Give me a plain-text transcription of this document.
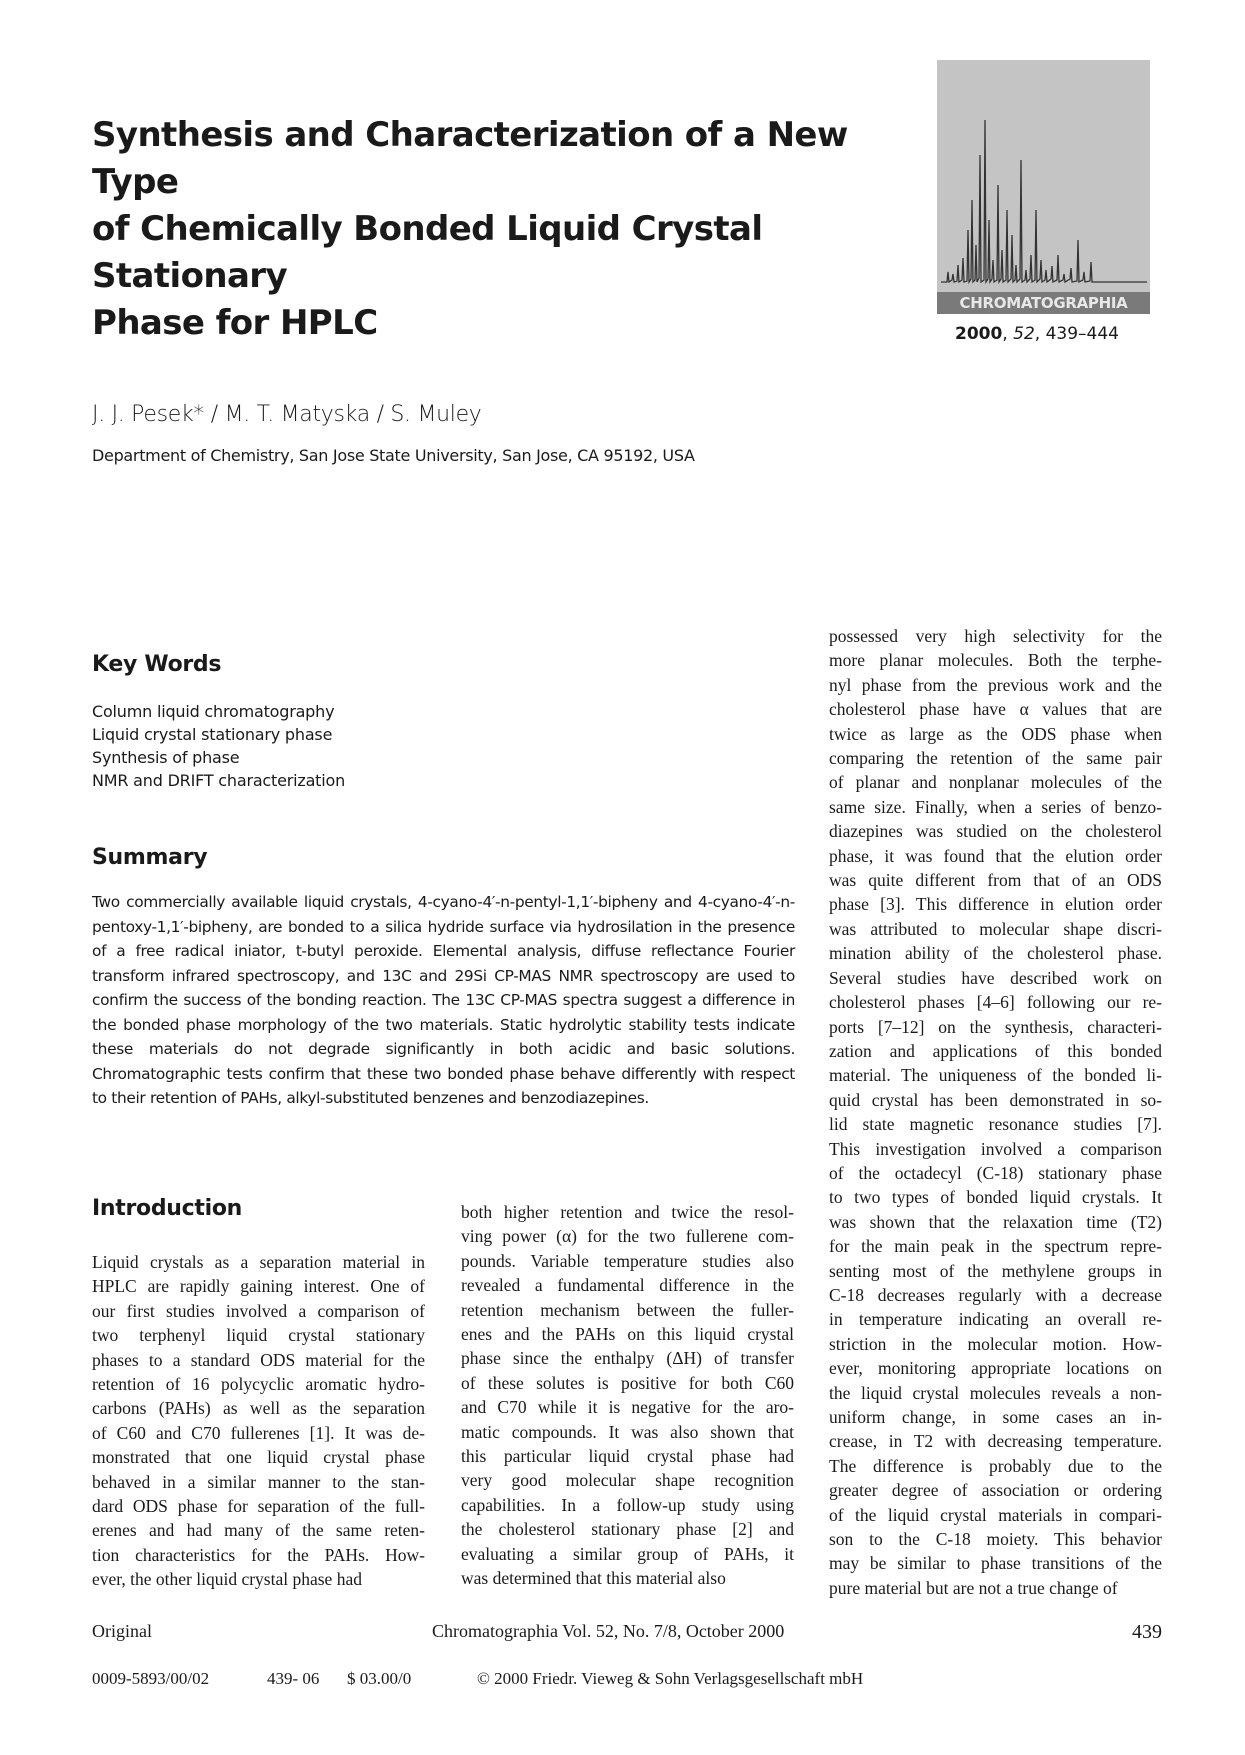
Synthesis and Characterization of a New Type
of Chemically Bonded Liquid Crystal Stationary
Phase for HPLC	CHROMATOGRAPHIA
2000, 52, 439–444
J. J. Pesek* / M. T. Matyska / S. Muley
Department of Chemistry, San Jose State University, San Jose, CA 95192, USA
Key Words
Column liquid chromatography
Liquid crystal stationary phase
Synthesis of phase
NMR and DRIFT characterization
Summary

Two commercially available liquid crystals, 4-cyano-4′-n-pentyl-1,1′-bipheny and 4-cyano-4′-n-pentoxy-1,1′-bipheny, are bonded to a silica hydride surface via hydrosilation in the presence of a free radical iniator, t-butyl peroxide. Elemental analysis, diffuse reflectance Fourier transform infrared spectroscopy, and 13C and 29Si CP-MAS NMR spectroscopy are used to confirm the success of the bonding reaction. The 13C CP-MAS spectra suggest a difference in the bonded phase morphology of the two materials. Static hydrolytic stability tests indicate these materials do not degrade significantly in both acidic and basic solutions. Chromatographic tests confirm that these two bonded phase behave differently with respect to their retention of PAHs, alkyl-substituted benzenes and benzodiazepines.

Introduction
Liquid crystals as a separation material in
HPLC are rapidly gaining interest. One of
our first studies involved a comparison of
two terphenyl liquid crystal stationary
phases to a standard ODS material for the
retention of 16 polycyclic aromatic hydro-
carbons (PAHs) as well as the separation
of C60 and C70 fullerenes [1]. It was de-
monstrated that one liquid crystal phase
behaved in a similar manner to the stan-
dard ODS phase for separation of the full-
erenes and had many of the same reten-
tion characteristics for the PAHs. How-
ever, the other liquid crystal phase had
both higher retention and twice the resol-
ving power (α) for the two fullerene com-
pounds. Variable temperature studies also
revealed a fundamental difference in the
retention mechanism between the fuller-
enes and the PAHs on this liquid crystal
phase since the enthalpy (ΔH) of transfer
of these solutes is positive for both C60
and C70 while it is negative for the aro-
matic compounds. It was also shown that
this particular liquid crystal phase had
very good molecular shape recognition
capabilities. In a follow-up study using
the cholesterol stationary phase [2] and
evaluating a similar group of PAHs, it
was determined that this material also
possessed very high selectivity for the
more planar molecules. Both the terphe-
nyl phase from the previous work and the
cholesterol phase have α values that are
twice as large as the ODS phase when
comparing the retention of the same pair
of planar and nonplanar molecules of the
same size. Finally, when a series of benzo-
diazepines was studied on the cholesterol
phase, it was found that the elution order
was quite different from that of an ODS
phase [3]. This difference in elution order
was attributed to molecular shape discri-
mination ability of the cholesterol phase.
Several studies have described work on
cholesterol phases [4–6] following our re-
ports [7–12] on the synthesis, characteri-
zation and applications of this bonded
material. The uniqueness of the bonded li-
quid crystal has been demonstrated in so-
lid state magnetic resonance studies [7].
This investigation involved a comparison
of the octadecyl (C-18) stationary phase
to two types of bonded liquid crystals. It
was shown that the relaxation time (T2)
for the main peak in the spectrum repre-
senting most of the methylene groups in
C-18 decreases regularly with a decrease
in temperature indicating an overall re-
striction in the molecular motion. How-
ever, monitoring appropriate locations on
the liquid crystal molecules reveals a non-
uniform change, in some cases an in-
crease, in T2 with decreasing temperature.
The difference is probably due to the
greater degree of association or ordering
of the liquid crystal materials in compari-
son to the C-18 moiety. This behavior
may be similar to phase transitions of the
pure material but are not a true change of
Original	Chromatographia Vol. 52, No. 7/8, October 2000	439
0009-5893/00/02	439- 06 $ 03.00/0	© 2000 Friedr. Vieweg & Sohn Verlagsgesellschaft mbH
